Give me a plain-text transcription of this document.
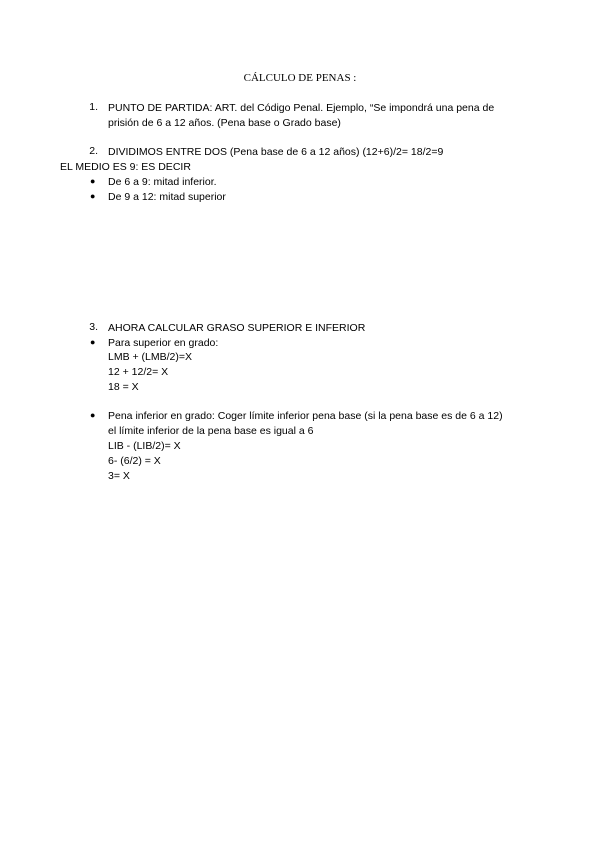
CÁLCULO DE PENAS :
1. PUNTO DE PARTIDA: ART. del Código Penal. Ejemplo, “Se impondrá una pena de
prisión de 6 a 12 años. (Pena base o Grado base)
2. DIVIDIMOS ENTRE DOS (Pena base de 6 a 12 años) (12+6)/2= 18/2=9
EL MEDIO ES 9: ES DECIR
● De 6 a 9: mitad inferior.
● De 9 a 12: mitad superior
3. AHORA CALCULAR GRASO SUPERIOR E INFERIOR
● Para superior en grado:
LMB + (LMB/2)=X
12 + 12/2= X
18 = X
● Pena inferior en grado: Coger límite inferior pena base (si la pena base es de 6 a 12)
el límite inferior de la pena base es igual a 6
LIB - (LIB/2)= X
6- (6/2) = X
3= X
